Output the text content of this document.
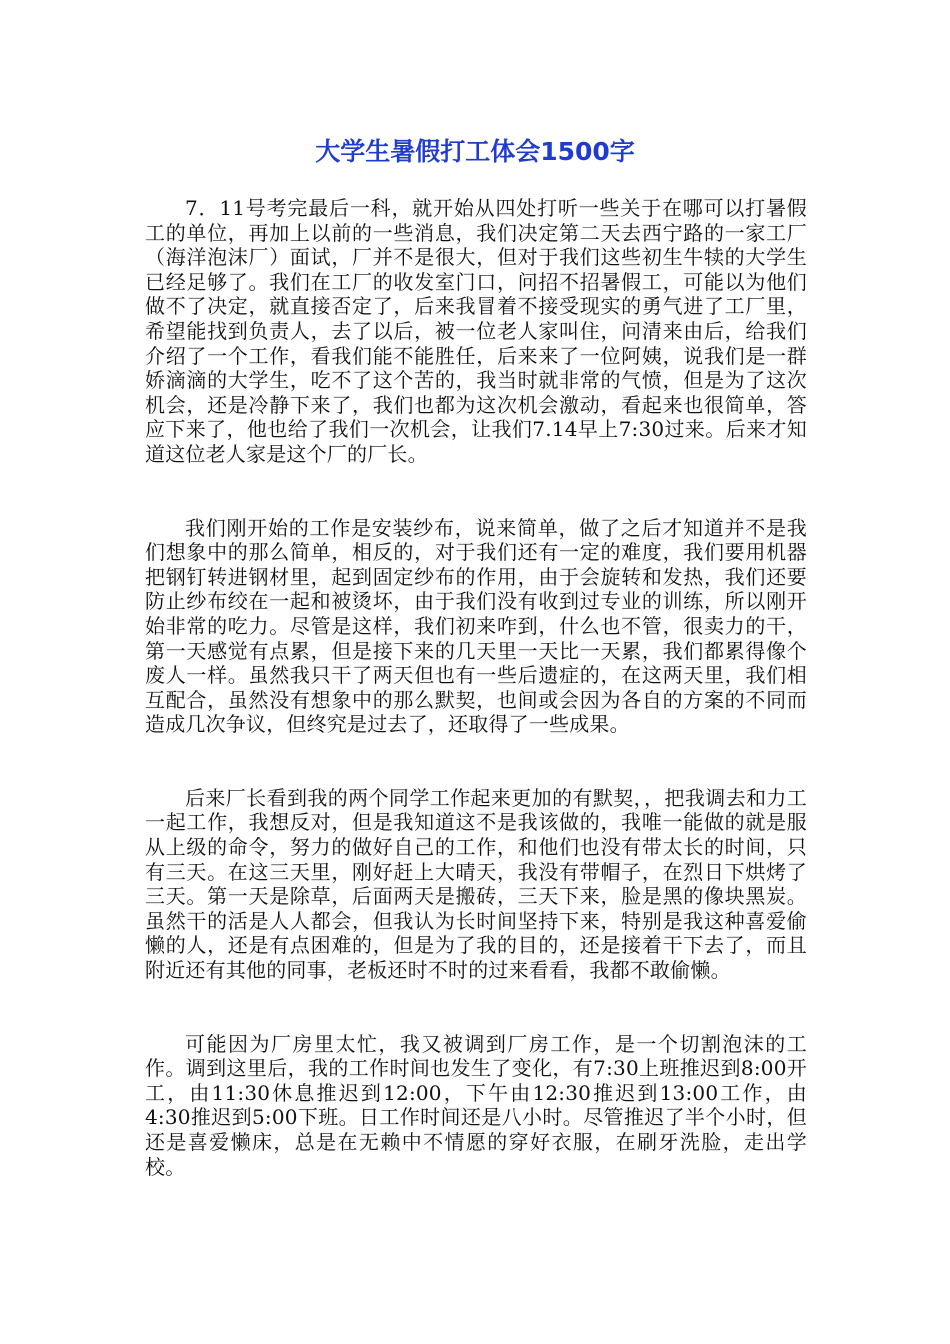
大学生暑假打工体会1500字

7．11号考完最后一科，就开始从四处打听一些关于在哪可以打暑假工的单位，再加上以前的一些消息，我们决定第二天去西宁路的一家工厂（海洋泡沫厂）面试，厂并不是很大，但对于我们这些初生牛犊的大学生已经足够了。我们在工厂的收发室门口，问招不招暑假工，可能以为他们做不了决定，就直接否定了，后来我冒着不接受现实的勇气进了工厂里，希望能找到负责人，去了以后，被一位老人家叫住，问清来由后，给我们介绍了一个工作，看我们能不能胜任，后来来了一位阿姨，说我们是一群娇滴滴的大学生，吃不了这个苦的，我当时就非常的气愤，但是为了这次机会，还是冷静下来了，我们也都为这次机会激动，看起来也很简单，答应下来了，他也给了我们一次机会，让我们7.14早上7:30过来。后来才知道这位老人家是这个厂的厂长。

我们刚开始的工作是安装纱布，说来简单，做了之后才知道并不是我们想象中的那么简单，相反的，对于我们还有一定的难度，我们要用机器把钢钉转进钢材里，起到固定纱布的作用，由于会旋转和发热，我们还要防止纱布绞在一起和被烫坏，由于我们没有收到过专业的训练，所以刚开始非常的吃力。尽管是这样，我们初来咋到，什么也不管，很卖力的干，第一天感觉有点累，但是接下来的几天里一天比一天累，我们都累得像个废人一样。虽然我只干了两天但也有一些后遗症的，在这两天里，我们相互配合，虽然没有想象中的那么默契，也间或会因为各自的方案的不同而造成几次争议，但终究是过去了，还取得了一些成果。

后来厂长看到我的两个同学工作起来更加的有默契，，把我调去和力工一起工作，我想反对，但是我知道这不是我该做的，我唯一能做的就是服从上级的命令，努力的做好自己的工作，和他们也没有带太长的时间，只有三天。在这三天里，刚好赶上大晴天，我没有带帽子，在烈日下烘烤了三天。第一天是除草，后面两天是搬砖，三天下来，脸是黑的像块黑炭。虽然干的活是人人都会，但我认为长时间坚持下来，特别是我这种喜爱偷懒的人，还是有点困难的，但是为了我的目的，还是接着干下去了，而且附近还有其他的同事，老板还时不时的过来看看，我都不敢偷懒。

可能因为厂房里太忙，我又被调到厂房工作，是一个切割泡沫的工作。调到这里后，我的工作时间也发生了变化，有7:30上班推迟到8:00开工，由11:30休息推迟到12:00，下午由12:30推迟到13:00工作，由4:30推迟到5:00下班。日工作时间还是八小时。尽管推迟了半个小时，但还是喜爱懒床，总是在无赖中不情愿的穿好衣服，在刷牙洗脸，走出学校。
